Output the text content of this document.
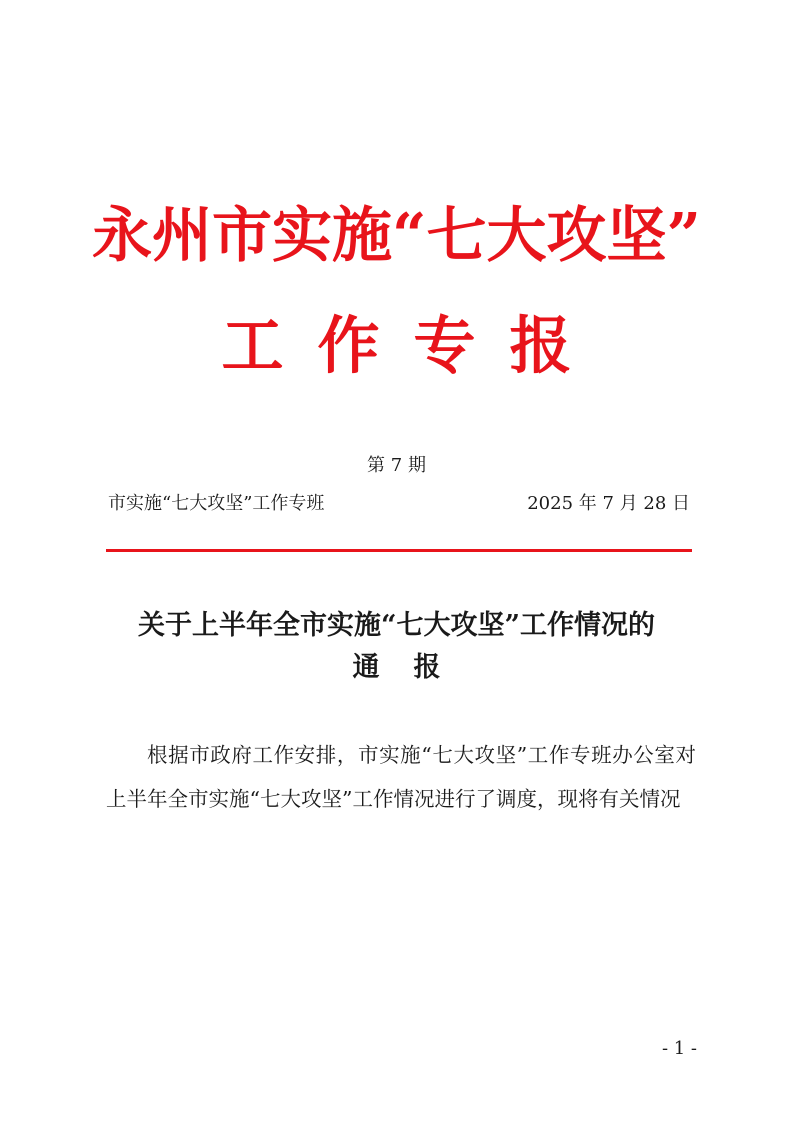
永州市实施“七大攻坚”
工作专报
第 7 期
市实施“七大攻坚”工作专班	2025 年 7 月 28 日
关于上半年全市实施“七大攻坚”工作情况的
通报
根据市政府工作安排，市实施“七大攻坚”工作专班办公室对上半年全市实施“七大攻坚”工作情况进行了调度，现将有关情况
- 1 -
